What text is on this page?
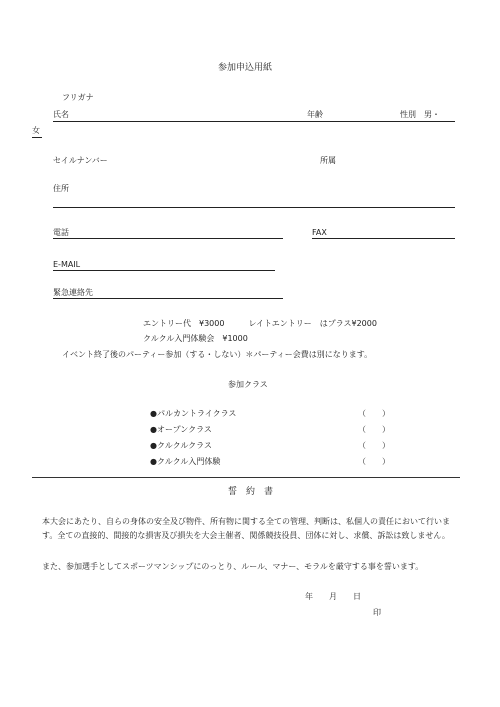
参加申込用紙
フリガナ
氏名	年齢	性別　男・
女
セイルナンバー	所属
住所
電話	FAX
E-MAIL
緊急連絡先
エントリー代　¥3000　　　レイトエントリー　はプラス¥2000
クルクル入門体験会　¥1000
イベント終了後のパーティー参加（する・しない）＊パーティー会費は別になります。
参加クラス
●パルカントライクラス	（　　）
●オープンクラス	（　　）
●クルクルクラス	（　　）
●クルクル入門体験	（　　）
誓　約　書
本大会にあたり、自らの身体の安全及び物件、所有物に関する全ての管理、判断は、私個人の責任において行います。全ての直接的、間接的な損害及び損失を大会主催者、関係競技役員、団体に対し、求償、訴訟は致しません。
また、参加選手としてスポーツマンシップにのっとり、ルール、マナー、モラルを厳守する事を誓います。
年　　月　　日
印
